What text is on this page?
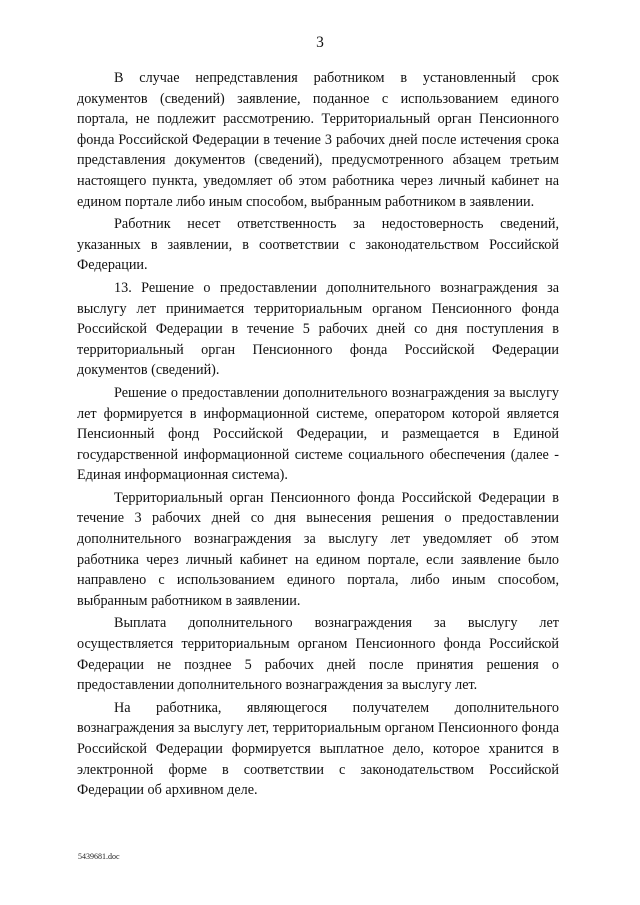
3

В случае непредставления работником в установленный срок документов (сведений) заявление, поданное с использованием единого портала, не подлежит рассмотрению. Территориальный орган Пенсионного фонда Российской Федерации в течение 3 рабочих дней после истечения срока представления документов (сведений), предусмотренного абзацем третьим настоящего пункта, уведомляет об этом работника через личный кабинет на едином портале либо иным способом, выбранным работником в заявлении.

Работник несет ответственность за недостоверность сведений, указанных в заявлении, в соответствии с законодательством Российской Федерации.

13. Решение о предоставлении дополнительного вознаграждения за выслугу лет принимается территориальным органом Пенсионного фонда Российской Федерации в течение 5 рабочих дней со дня поступления в территориальный орган Пенсионного фонда Российской Федерации документов (сведений).

Решение о предоставлении дополнительного вознаграждения за выслугу лет формируется в информационной системе, оператором которой является Пенсионный фонд Российской Федерации, и размещается в Единой государственной информационной системе социального обеспечения (далее - Единая информационная система).

Территориальный орган Пенсионного фонда Российской Федерации в течение 3 рабочих дней со дня вынесения решения о предоставлении дополнительного вознаграждения за выслугу лет уведомляет об этом работника через личный кабинет на едином портале, если заявление было направлено с использованием единого портала, либо иным способом, выбранным работником в заявлении.

Выплата дополнительного вознаграждения за выслугу лет осуществляется территориальным органом Пенсионного фонда Российской Федерации не позднее 5 рабочих дней после принятия решения о предоставлении дополнительного вознаграждения за выслугу лет.

На работника, являющегося получателем дополнительного вознаграждения за выслугу лет, территориальным органом Пенсионного фонда Российской Федерации формируется выплатное дело, которое хранится в электронной форме в соответствии с законодательством Российской Федерации об архивном деле.

5439681.doc
